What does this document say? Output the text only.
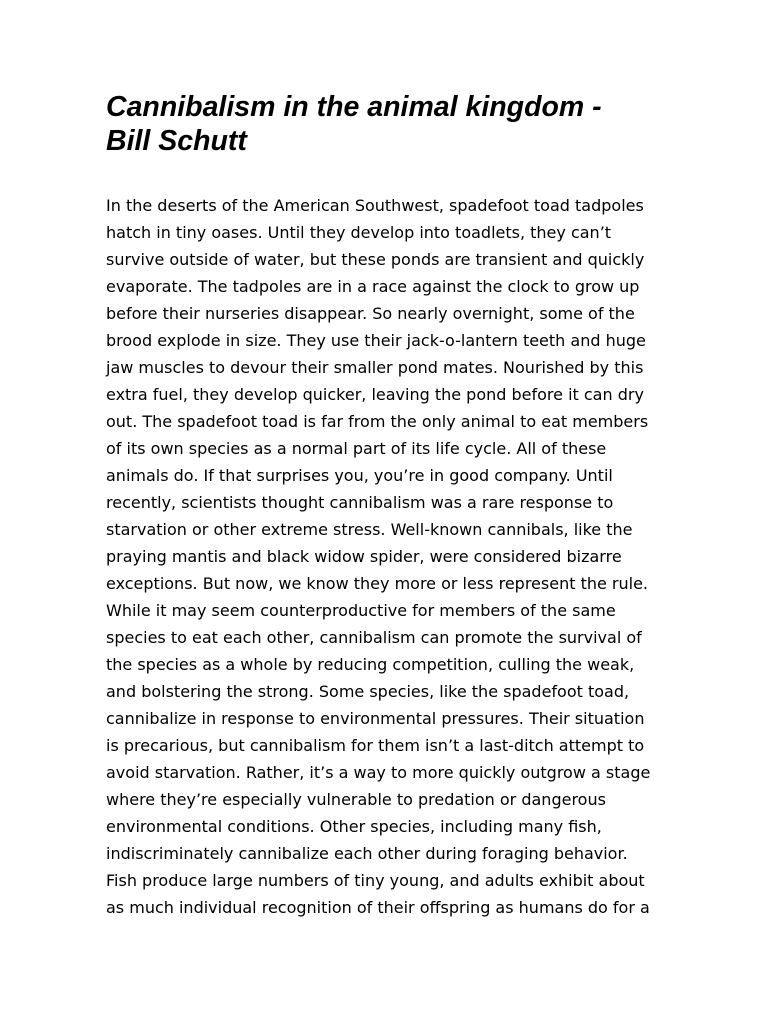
Cannibalism in the animal kingdom -
Bill Schutt
In the deserts of the American Southwest, spadefoot toad tadpoles
hatch in tiny oases. Until they develop into toadlets, they can’t
survive outside of water, but these ponds are transient and quickly
evaporate. The tadpoles are in a race against the clock to grow up
before their nurseries disappear. So nearly overnight, some of the
brood explode in size. They use their jack-o-lantern teeth and huge
jaw muscles to devour their smaller pond mates. Nourished by this
extra fuel, they develop quicker, leaving the pond before it can dry
out. The spadefoot toad is far from the only animal to eat members
of its own species as a normal part of its life cycle. All of these
animals do. If that surprises you, you’re in good company. Until
recently, scientists thought cannibalism was a rare response to
starvation or other extreme stress. Well-known cannibals, like the
praying mantis and black widow spider, were considered bizarre
exceptions. But now, we know they more or less represent the rule.
While it may seem counterproductive for members of the same
species to eat each other, cannibalism can promote the survival of
the species as a whole by reducing competition, culling the weak,
and bolstering the strong. Some species, like the spadefoot toad,
cannibalize in response to environmental pressures. Their situation
is precarious, but cannibalism for them isn’t a last-ditch attempt to
avoid starvation. Rather, it’s a way to more quickly outgrow a stage
where they’re especially vulnerable to predation or dangerous
environmental conditions. Other species, including many fish,
indiscriminately cannibalize each other during foraging behavior.
Fish produce large numbers of tiny young, and adults exhibit about
as much individual recognition of their offspring as humans do for a
